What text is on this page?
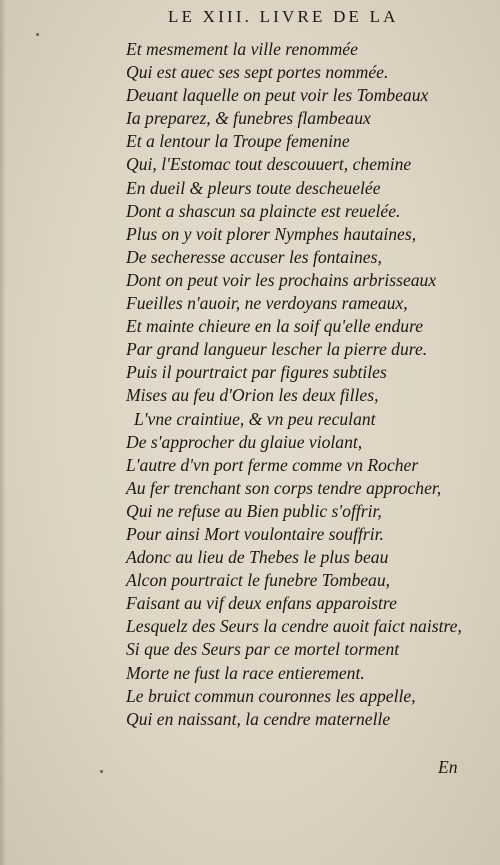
LE XIII. LIVRE DE LA
Et mesmement la ville renommée
Qui est auec ses sept portes nommée.
Deuant laquelle on peut voir les Tombeaux
Ia preparez, & funebres flambeaux
Et a lentour la Troupe femenine
Qui, l'Estomac tout descouuert, chemine
En dueil & pleurs toute descheuelée
Dont a shascun sa plaincte est reuelée.
Plus on y voit plorer Nymphes hautaines,
De secheresse accuser les fontaines,
Dont on peut voir les prochains arbrisseaux
Fueilles n'auoir, ne verdoyans rameaux,
Et mainte chieure en la soif qu'elle endure
Par grand langueur lescher la pierre dure.
Puis il pourtraict par figures subtiles
Mises au feu d'Orion les deux filles,
L'vne craintiue, & vn peu reculant
De s'approcher du glaiue violant,
L'autre d'vn port ferme comme vn Rocher
Au fer trenchant son corps tendre approcher,
Qui ne refuse au Bien public s'offrir,
Pour ainsi Mort voulontaire souffrir.
Adonc au lieu de Thebes le plus beau
Alcon pourtraict le funebre Tombeau,
Faisant au vif deux enfans apparoistre
Lesquelz des Seurs la cendre auoit faict naistre,
Si que des Seurs par ce mortel torment
Morte ne fust la race entierement.
Le bruict commun couronnes les appelle,
Qui en naissant, la cendre maternelle
En
